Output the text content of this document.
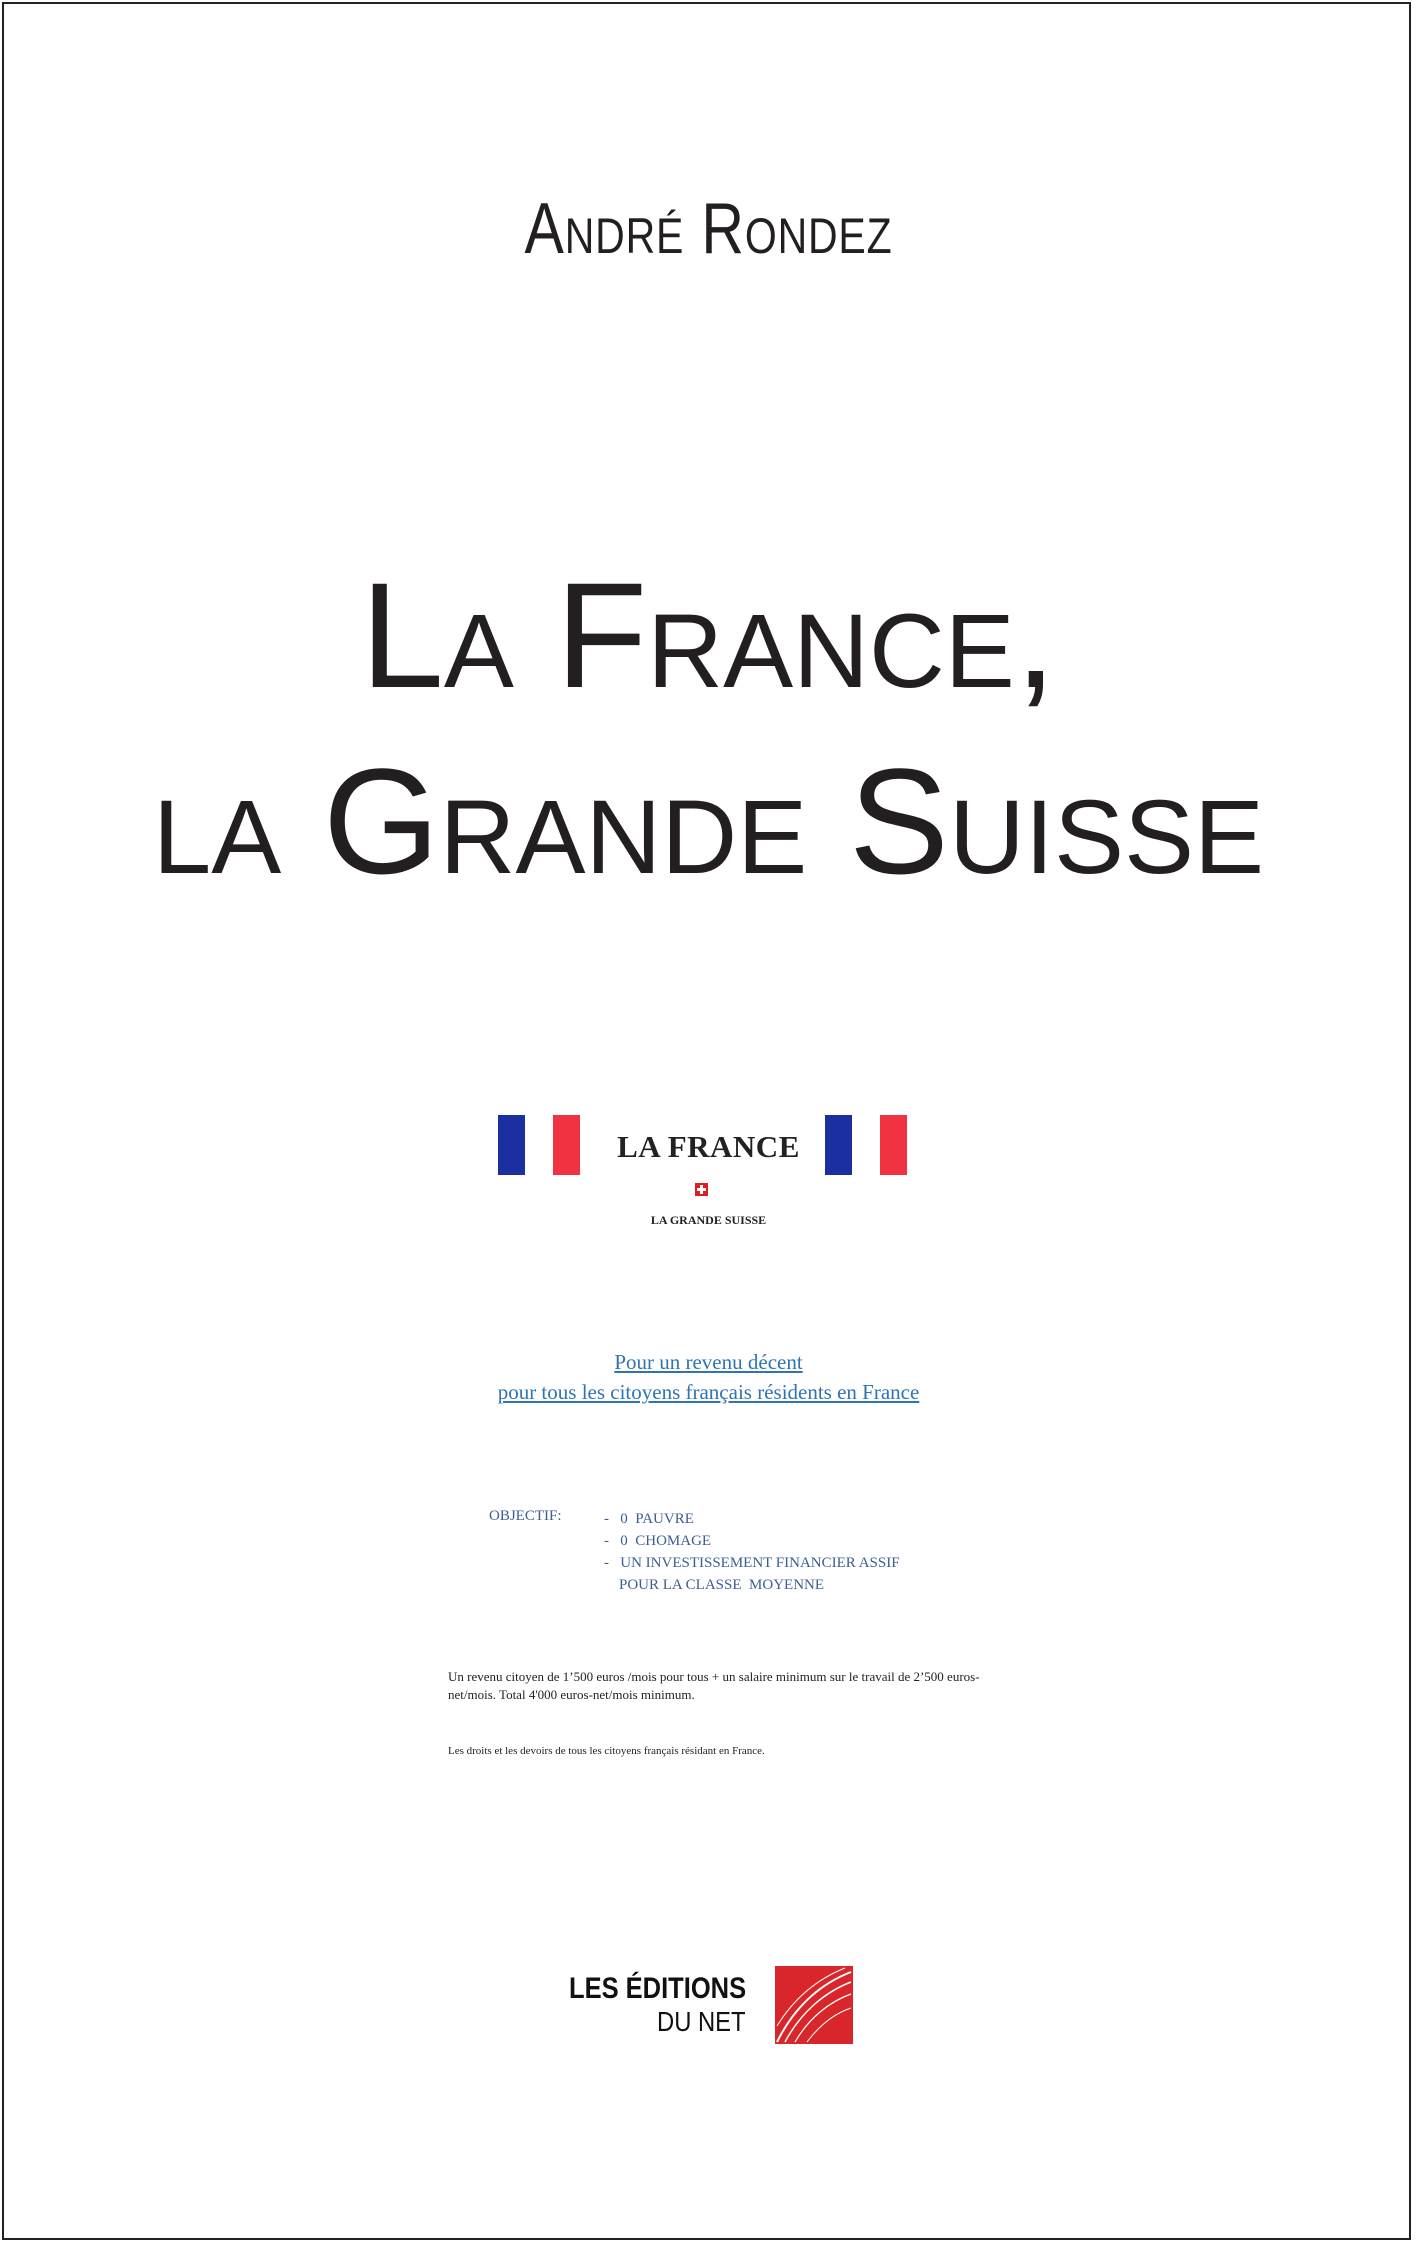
André Rondez
La France,
la Grande Suisse
LA FRANCE
LA GRANDE SUISSE
Pour un revenu décent
pour tous les citoyens français résidents en France
OBJECTIF:	-   0  PAUVRE
-   0  CHOMAGE
-   UN INVESTISSEMENT FINANCIER ASSIF
POUR LA CLASSE  MOYENNE
Un revenu citoyen de 1’500 euros /mois pour tous + un salaire minimum sur le travail de 2’500 euros- net/mois. Total 4'000 euros-net/mois minimum.
Les droits et les devoirs de tous les citoyens français résidant en France.
LES ÉDITIONS
DU NET
